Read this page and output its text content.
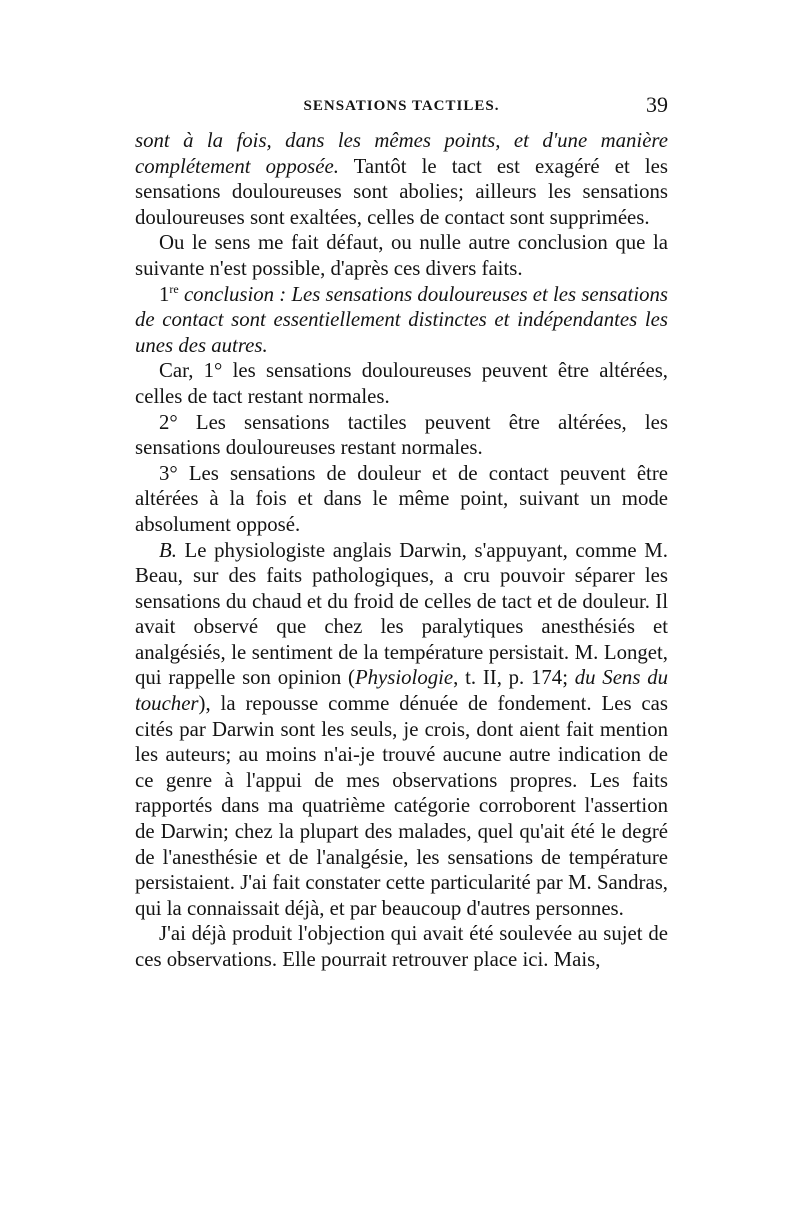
SENSATIONS TACTILES.	39

sont à la fois, dans les mêmes points, et d'une manière complétement opposée. Tantôt le tact est exagéré et les sensations douloureuses sont abolies; ailleurs les sensations douloureuses sont exaltées, celles de contact sont supprimées.

Ou le sens me fait défaut, ou nulle autre conclusion que la suivante n'est possible, d'après ces divers faits.

1re conclusion : Les sensations douloureuses et les sensations de contact sont essentiellement distinctes et indépendantes les unes des autres.

Car, 1° les sensations douloureuses peuvent être altérées, celles de tact restant normales.

2° Les sensations tactiles peuvent être altérées, les sensations douloureuses restant normales.

3° Les sensations de douleur et de contact peuvent être altérées à la fois et dans le même point, suivant un mode absolument opposé.

B. Le physiologiste anglais Darwin, s'appuyant, comme M. Beau, sur des faits pathologiques, a cru pouvoir séparer les sensations du chaud et du froid de celles de tact et de douleur. Il avait observé que chez les paralytiques anesthésiés et analgésiés, le sentiment de la température persistait. M. Longet, qui rappelle son opinion (Physiologie, t. II, p. 174; du Sens du toucher), la repousse comme dénuée de fondement. Les cas cités par Darwin sont les seuls, je crois, dont aient fait mention les auteurs; au moins n'ai-je trouvé aucune autre indication de ce genre à l'appui de mes observations propres. Les faits rapportés dans ma quatrième catégorie corroborent l'assertion de Darwin; chez la plupart des malades, quel qu'ait été le degré de l'anesthésie et de l'analgésie, les sensations de température persistaient. J'ai fait constater cette particularité par M. Sandras, qui la connaissait déjà, et par beaucoup d'autres personnes.

J'ai déjà produit l'objection qui avait été soulevée au sujet de ces observations. Elle pourrait retrouver place ici. Mais,
